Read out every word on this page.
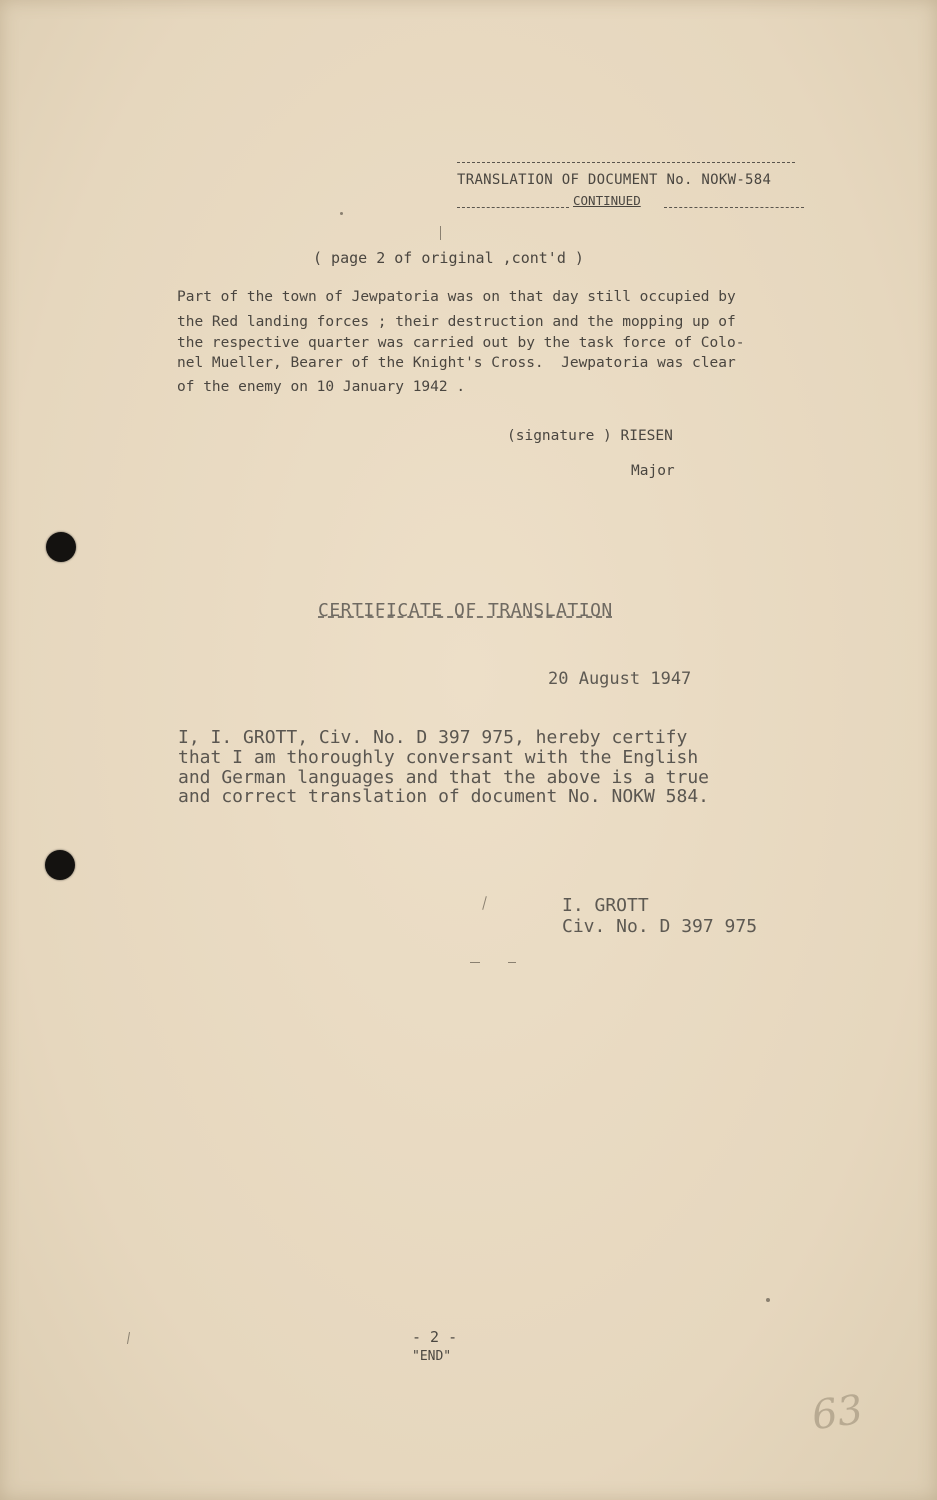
TRANSLATION OF DOCUMENT No. NOKW-584
CONTINUED
( page 2 of original ,cont'd )
Part of the town of Jewpatoria was on that day still occupied by
the Red landing forces ; their destruction and the mopping up of
the respective quarter was carried out by the task force of Colo-
nel Mueller, Bearer of the Knight's Cross.  Jewpatoria was clear
of the enemy on 10 January 1942 .
(signature ) RIESEN
Major
CERTIFICATE OF TRANSLATION
20 August 1947
I, I. GROTT, Civ. No. D 397 975, hereby certify
that I am thoroughly conversant with the English
and German languages and that the above is a true
and correct translation of document No. NOKW 584.
I. GROTT
Civ. No. D 397 975
- 2 -
"END"
63
